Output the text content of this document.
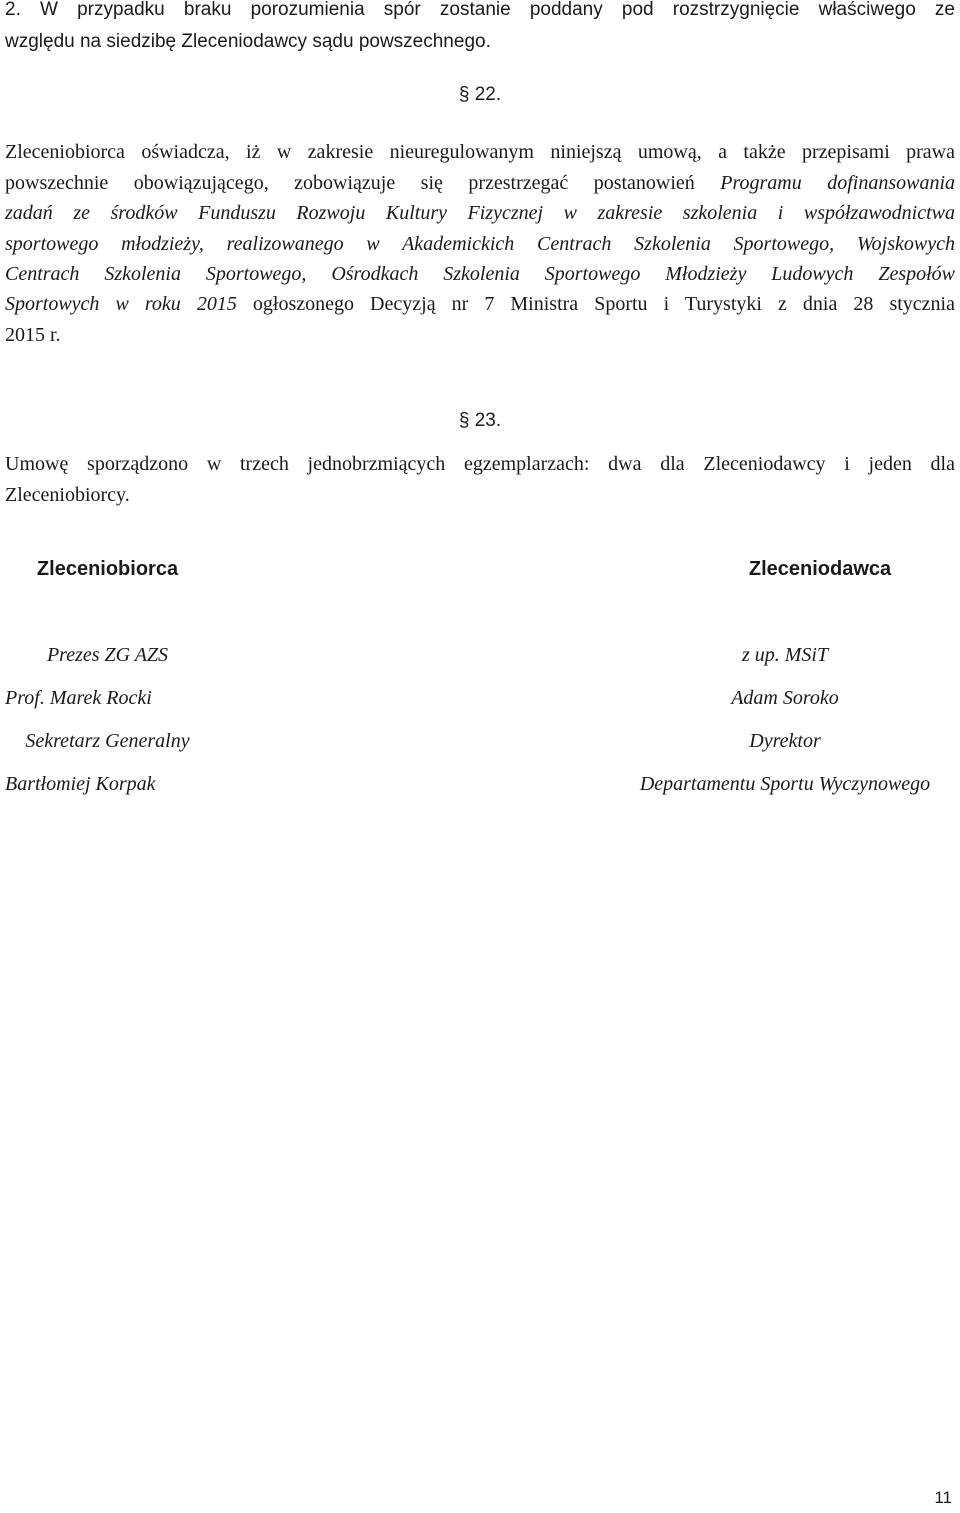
2. W przypadku braku porozumienia spór zostanie poddany pod rozstrzygnięcie właściwego ze
względu na siedzibę Zleceniodawcy sądu powszechnego.
§ 22.
Zleceniobiorca oświadcza, iż w zakresie nieuregulowanym niniejszą umową, a także przepisami prawa
powszechnie obowiązującego, zobowiązuje się przestrzegać postanowień Programu dofinansowania
zadań ze środków Funduszu Rozwoju Kultury Fizycznej w zakresie szkolenia i współzawodnictwa
sportowego młodzieży, realizowanego w Akademickich Centrach Szkolenia Sportowego, Wojskowych
Centrach Szkolenia Sportowego, Ośrodkach Szkolenia Sportowego Młodzieży Ludowych Zespołów
Sportowych w roku 2015 ogłoszonego Decyzją nr 7 Ministra Sportu i Turystyki z dnia 28 stycznia
2015 r.
§ 23.
Umowę sporządzono w trzech jednobrzmiących egzemplarzach: dwa dla Zleceniodawcy i jeden dla
Zleceniobiorcy.
Zleceniobiorca	Zleceniodawca
Prezes ZG AZS
Prof. Marek Rocki
Sekretarz Generalny
Bartłomiej Korpak
z up. MSiT
Adam Soroko
Dyrektor
Departamentu Sportu Wyczynowego
11
